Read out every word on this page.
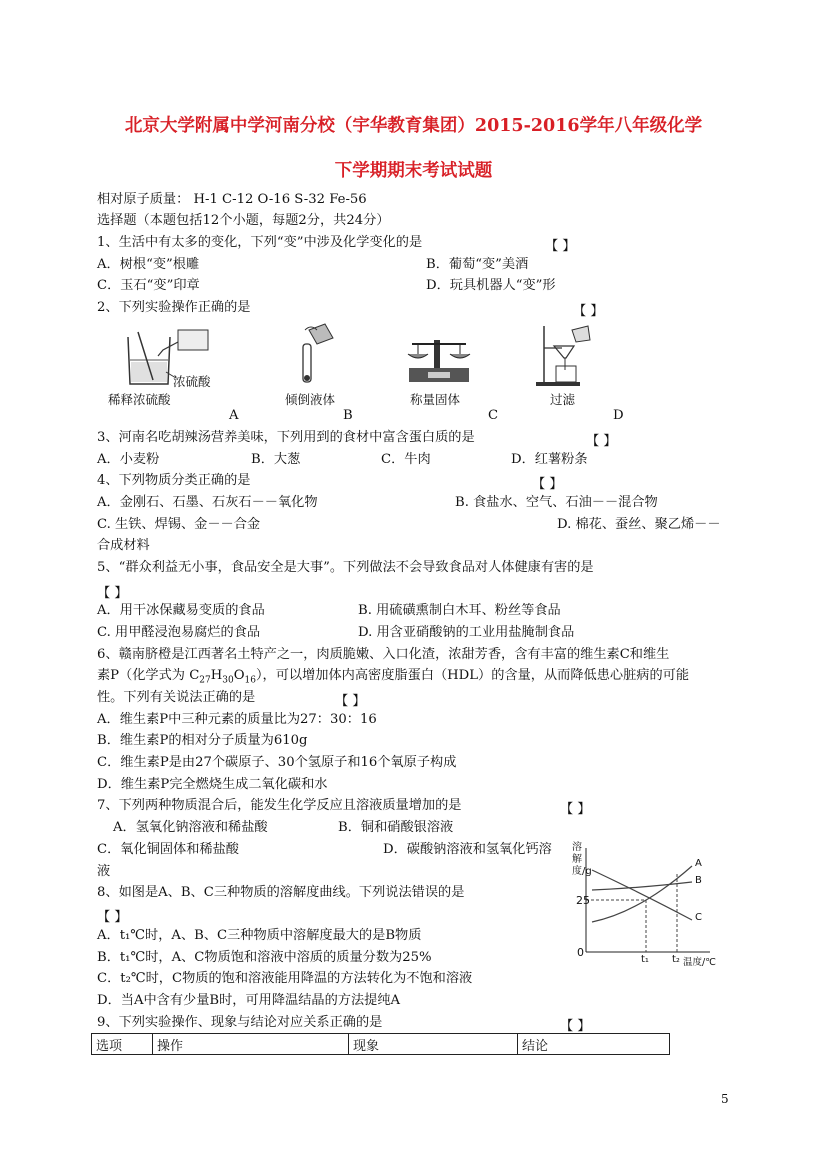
北京大学附属中学河南分校（宇华教育集团）2015-2016学年八年级化学
下学期期末考试试题
相对原子质量： H-1 C-12 O-16 S-32 Fe-56
选择题（本题包括12个小题，每题2分，共24分）
1、生活中有太多的变化，下列“变”中涉及化学变化的是	【 】
A．树根“变”根雕	B．葡萄“变”美酒
C．玉石“变”印章	D．玩具机器人“变”形
2、下列实验操作正确的是	【 】
浓硫酸
稀释浓硫酸	倾倒液体	称量固体	过滤
A	B	C	D
3、河南名吃胡辣汤营养美味，下列用到的食材中富含蛋白质的是	【 】
A．小麦粉	B．大葱	C．牛肉	D．红薯粉条
4、下列物质分类正确的是	【 】
A．金刚石、石墨、石灰石－－氧化物	B. 食盐水、空气、石油－－混合物
C. 生铁、焊锡、金－－合金	D. 棉花、蚕丝、聚乙烯－－
合成材料
5、“群众利益无小事，食品安全是大事”。下列做法不会导致食品对人体健康有害的是
【 】
A．用干冰保藏易变质的食品	B. 用硫磺熏制白木耳、粉丝等食品
C. 用甲醛浸泡易腐烂的食品	D. 用含亚硝酸钠的工业用盐腌制食品
6、赣南脐橙是江西著名土特产之一，肉质脆嫩、入口化渣，浓甜芳香，含有丰富的维生素C和维生
素P（化学式为 $C_{27}H_{30}O_{16}$），可以增加体内高密度脂蛋白（HDL）的含量，从而降低患心脏病的可能
性。下列有关说法正确的是	【 】
A．维生素P中三种元素的质量比为27：30：16
B．维生素P的相对分子质量为610g
C．维生素P是由27个碳原子、30个氢原子和16个氧原子构成
D．维生素P完全燃烧生成二氧化碳和水
7、下列两种物质混合后，能发生化学反应且溶液质量增加的是	【 】
A．氢氧化钠溶液和稀盐酸	B．铜和硝酸银溶液
C．氧化铜固体和稀盐酸	D．碳酸钠溶液和氢氧化钙溶
液
8、如图是A、B、C三种物质的溶解度曲线。下列说法错误的是
【 】
A．t₁℃时，A、B、C三种物质中溶解度最大的是B物质
B．t₁℃时，A、C物质饱和溶液中溶质的质量分数为25%
C．t₂℃时，C物质的饱和溶液能用降温的方法转化为不饱和溶液
D．当A中含有少量B时，可用降温结晶的方法提纯A
溶解度/g
25
0
t₁ t₂ 温度/℃
A
B
C
9、下列实验操作、现象与结论对应关系正确的是	【 】
选项	操作	现象	结论
5
